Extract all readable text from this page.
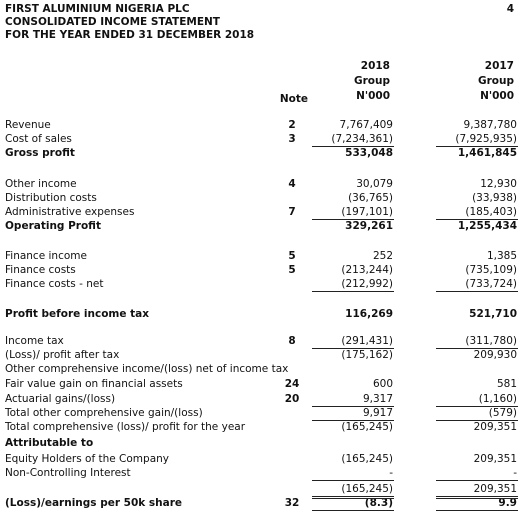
FIRST ALUMINIUM NIGERIA PLC
CONSOLIDATED INCOME STATEMENT
FOR THE YEAR ENDED 31 DECEMBER 2018
4
Note
2018
Group
N'000
2017
Group
N'000
Revenue	2	7,767,409	9,387,780
Cost of sales	3	(7,234,361)	(7,925,935)
Gross profit	533,048	1,461,845
Other income	4	30,079	12,930
Distribution costs	(36,765)	(33,938)
Administrative expenses	7	(197,101)	(185,403)
Operating Profit	329,261	1,255,434
Finance income	5	252	1,385
Finance costs	5	(213,244)	(735,109)
Finance costs - net	(212,992)	(733,724)
Profit before income tax	116,269	521,710
Income tax	8	(291,431)	(311,780)
(Loss)/ profit after tax	(175,162)	209,930
Other comprehensive income/(loss) net of income tax
Fair value gain on financial assets	24	600	581
Actuarial gains/(loss)	20	9,317	(1,160)
Total other comprehensive gain/(loss)	9,917	(579)
Total comprehensive (loss)/ profit for the year	(165,245)	209,351
Attributable to
Equity Holders of the Company	(165,245)	209,351
Non-Controlling Interest	-	-
(165,245)	209,351
(Loss)/earnings per 50k share	32	(8.3)	9.9
